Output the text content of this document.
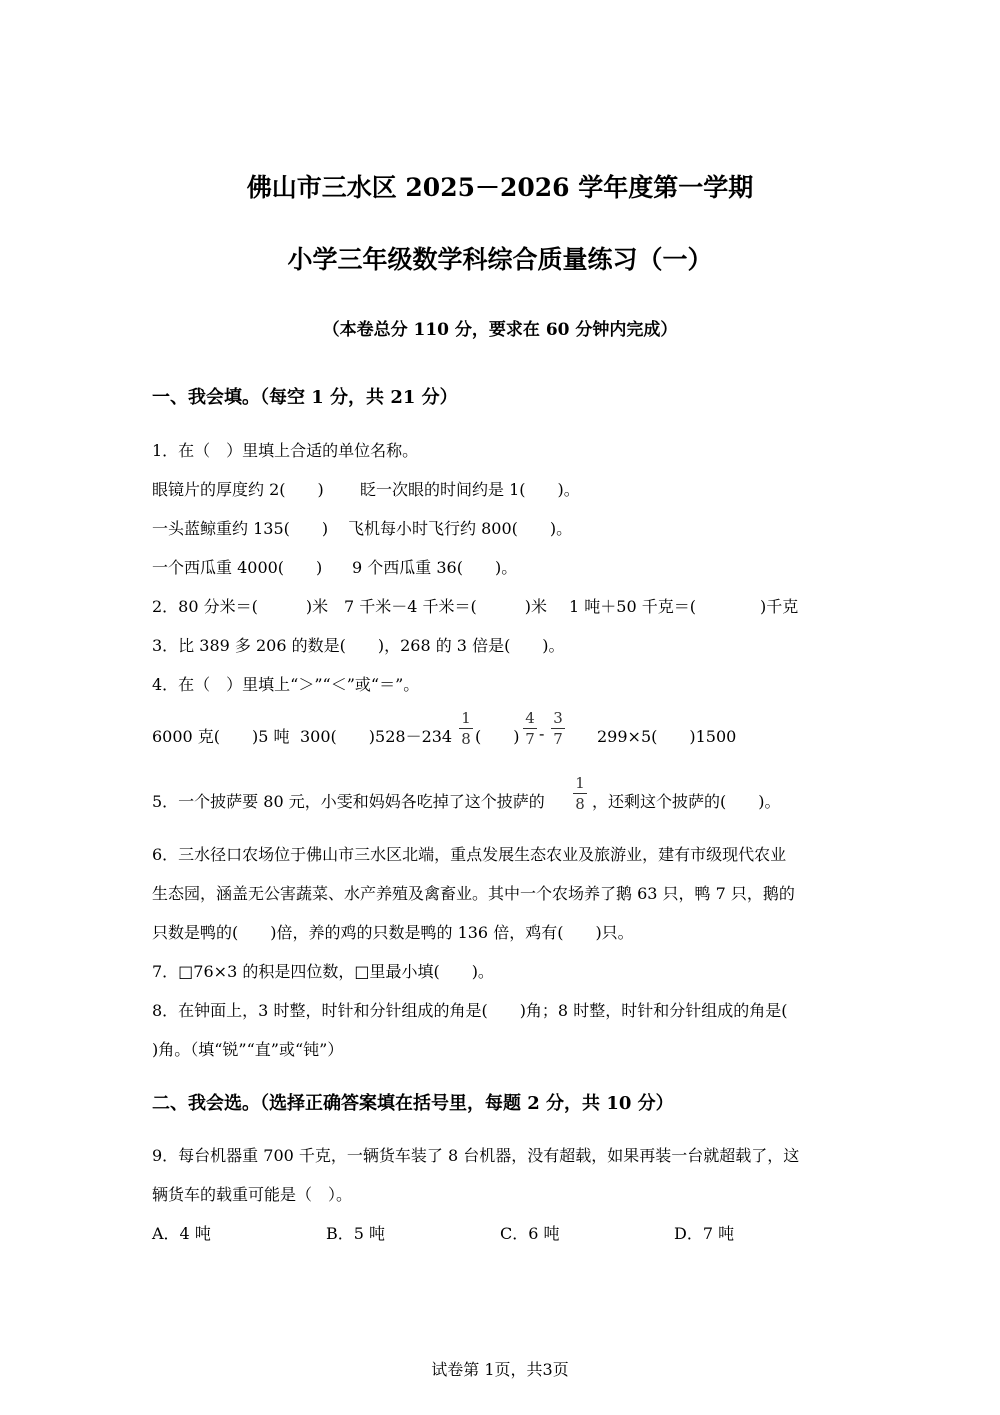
佛山市三水区 2025－2026 学年度第一学期
小学三年级数学科综合质量练习（一）
（本卷总分 110 分，要求在 60 分钟内完成）
一、我会填。（每空 1 分，共 21 分）
1．在（　）里填上合适的单位名称。
眼镜片的厚度约 2(　　) 眨一次眼的时间约是 1(　　)。
一头蓝鲸重约 135(　　) 飞机每小时飞行约 800(　　)。
一个西瓜重 4000(　　) 9 个西瓜重 36(　　)。
2．80 分米＝(　　　)米 7 千米－4 千米＝(　　　)米 1 吨＋50 千克＝(　　　　)千克
3．比 389 多 206 的数是(　　)，268 的 3 倍是(　　)。
4．在（　）里填上“＞”“＜”或“＝”。
6000 克(　　)5 吨 300(　　)528－234
1
8 (　　)
4
7 -
3
7 299×5(　　)1500
5．一个披萨要 80 元，小雯和妈妈各吃掉了这个披萨的
1
8 ，还剩这个披萨的(　　)。
6．三水径口农场位于佛山市三水区北端，重点发展生态农业及旅游业，建有市级现代农业
生态园，涵盖无公害蔬菜、水产养殖及禽畜业。其中一个农场养了鹅 63 只，鸭 7 只，鹅的
只数是鸭的(　　)倍，养的鸡的只数是鸭的 136 倍，鸡有(　　)只。
7．□76×3 的积是四位数，□里最小填(　　)。
8．在钟面上，3 时整，时针和分针组成的角是(　　)角；8 时整，时针和分针组成的角是(
)角。（填“锐”“直”或“钝”）
二、我会选。（选择正确答案填在括号里，每题 2 分，共 10 分）
9．每台机器重 700 千克，一辆货车装了 8 台机器，没有超载，如果再装一台就超载了，这
辆货车的载重可能是（　）。
A．4 吨	B．5 吨	C．6 吨	D．7 吨
试卷第 1页，共3页
